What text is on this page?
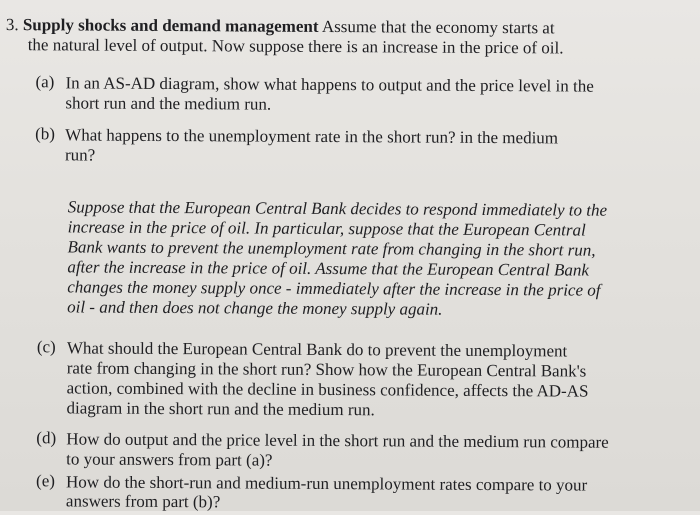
3. Supply shocks and demand management Assume that the economy starts at
the natural level of output. Now suppose there is an increase in the price of oil.
(a) In an AS-AD diagram, show what happens to output and the price level in the
short run and the medium run.
(b) What happens to the unemployment rate in the short run? in the medium
run?
Suppose that the European Central Bank decides to respond immediately to the
increase in the price of oil. In particular, suppose that the European Central
Bank wants to prevent the unemployment rate from changing in the short run,
after the increase in the price of oil. Assume that the European Central Bank
changes the money supply once - immediately after the increase in the price of
oil - and then does not change the money supply again.
(c) What should the European Central Bank do to prevent the unemployment
rate from changing in the short run? Show how the European Central Bank's
action, combined with the decline in business confidence, affects the AD-AS
diagram in the short run and the medium run.
(d) How do output and the price level in the short run and the medium run compare
to your answers from part (a)?
(e) How do the short-run and medium-run unemployment rates compare to your
answers from part (b)?
